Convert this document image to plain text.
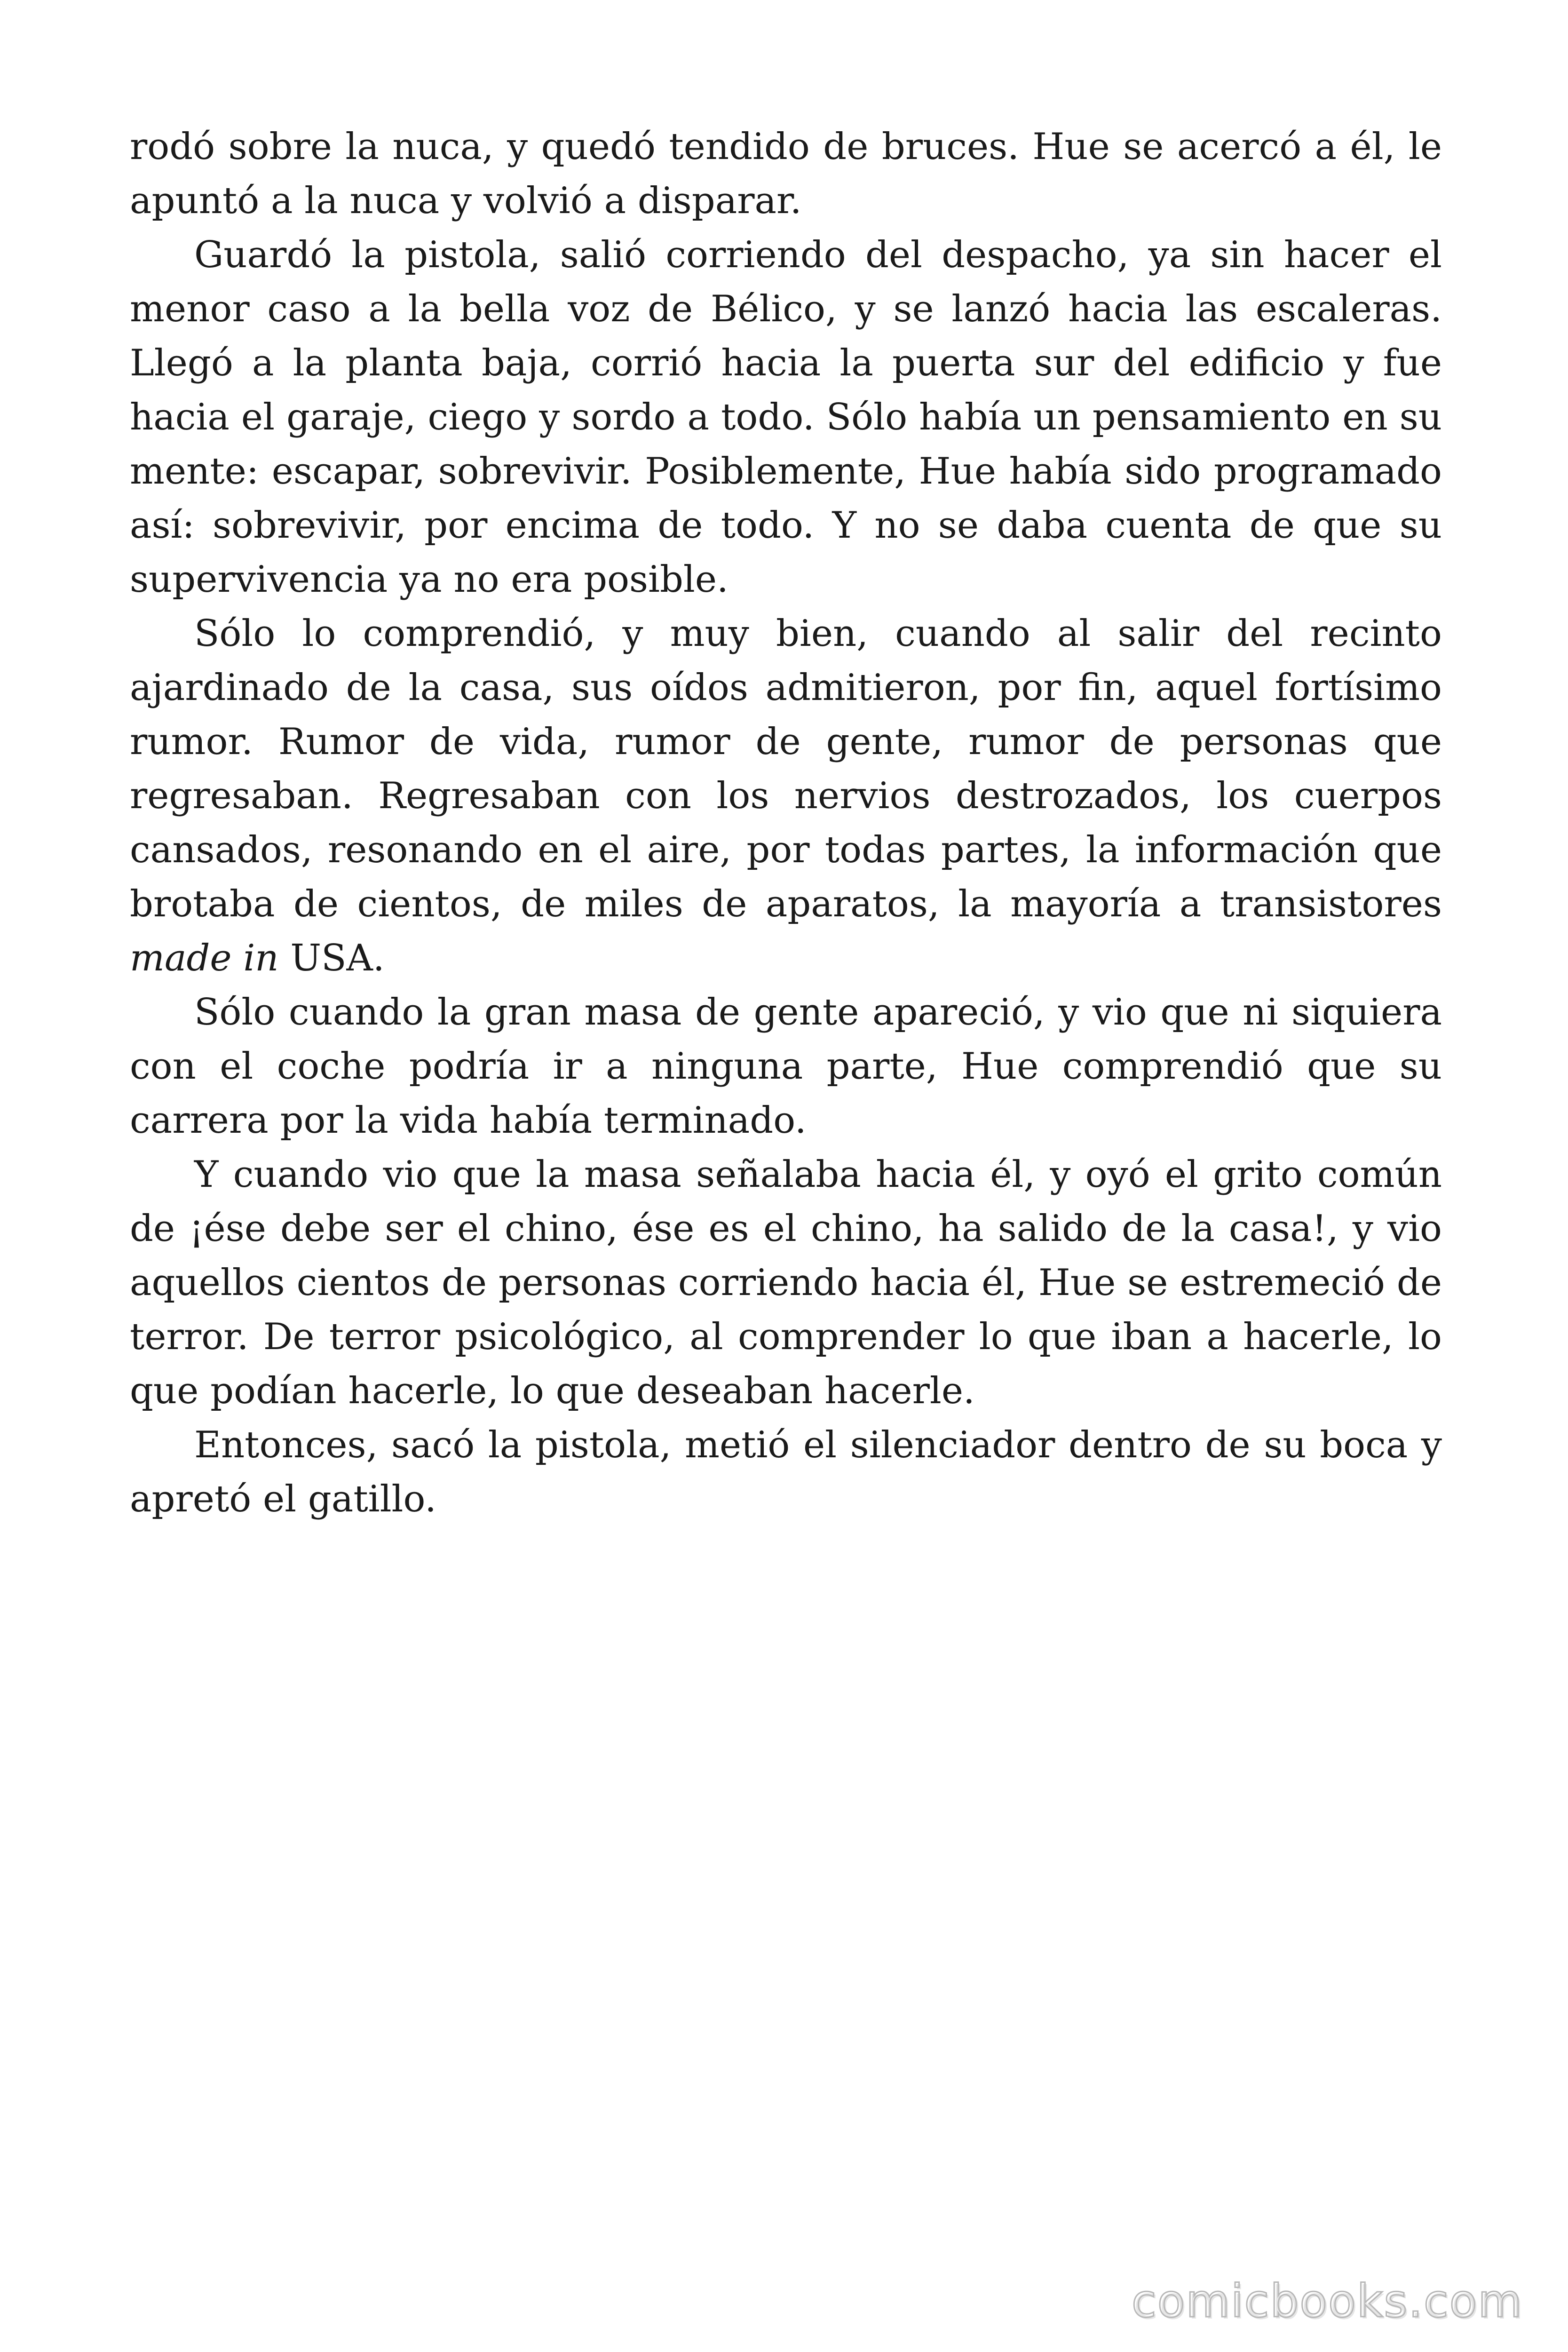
rodó sobre la nuca, y quedó tendido de bruces. Hue se acercó a él, le apuntó a la nuca y volvió a disparar.

Guardó la pistola, salió corriendo del despacho, ya sin hacer el menor caso a la bella voz de Bélico, y se lanzó hacia las escaleras. Llegó a la planta baja, corrió hacia la puerta sur del edificio y fue hacia el garaje, ciego y sordo a todo. Sólo había un pensamiento en su mente: escapar, sobrevivir. Posiblemente, Hue había sido programado así: sobrevivir, por encima de todo. Y no se daba cuenta de que su supervivencia ya no era posible.

Sólo lo comprendió, y muy bien, cuando al salir del recinto ajardinado de la casa, sus oídos admitieron, por fin, aquel fortísimo rumor. Rumor de vida, rumor de gente, rumor de personas que regresaban. Regresaban con los nervios destrozados, los cuerpos cansados, resonando en el aire, por todas partes, la información que brotaba de cientos, de miles de aparatos, la mayoría a transistores made in USA.

Sólo cuando la gran masa de gente apareció, y vio que ni siquiera con el coche podría ir a ninguna parte, Hue comprendió que su carrera por la vida había terminado.

Y cuando vio que la masa señalaba hacia él, y oyó el grito común de ¡ése debe ser el chino, ése es el chino, ha salido de la casa!, y vio aquellos cientos de personas corriendo hacia él, Hue se estremeció de terror. De terror psicológico, al comprender lo que iban a hacerle, lo que podían hacerle, lo que deseaban hacerle.

Entonces, sacó la pistola, metió el silenciador dentro de su boca y apretó el gatillo.

comicbooks.com
